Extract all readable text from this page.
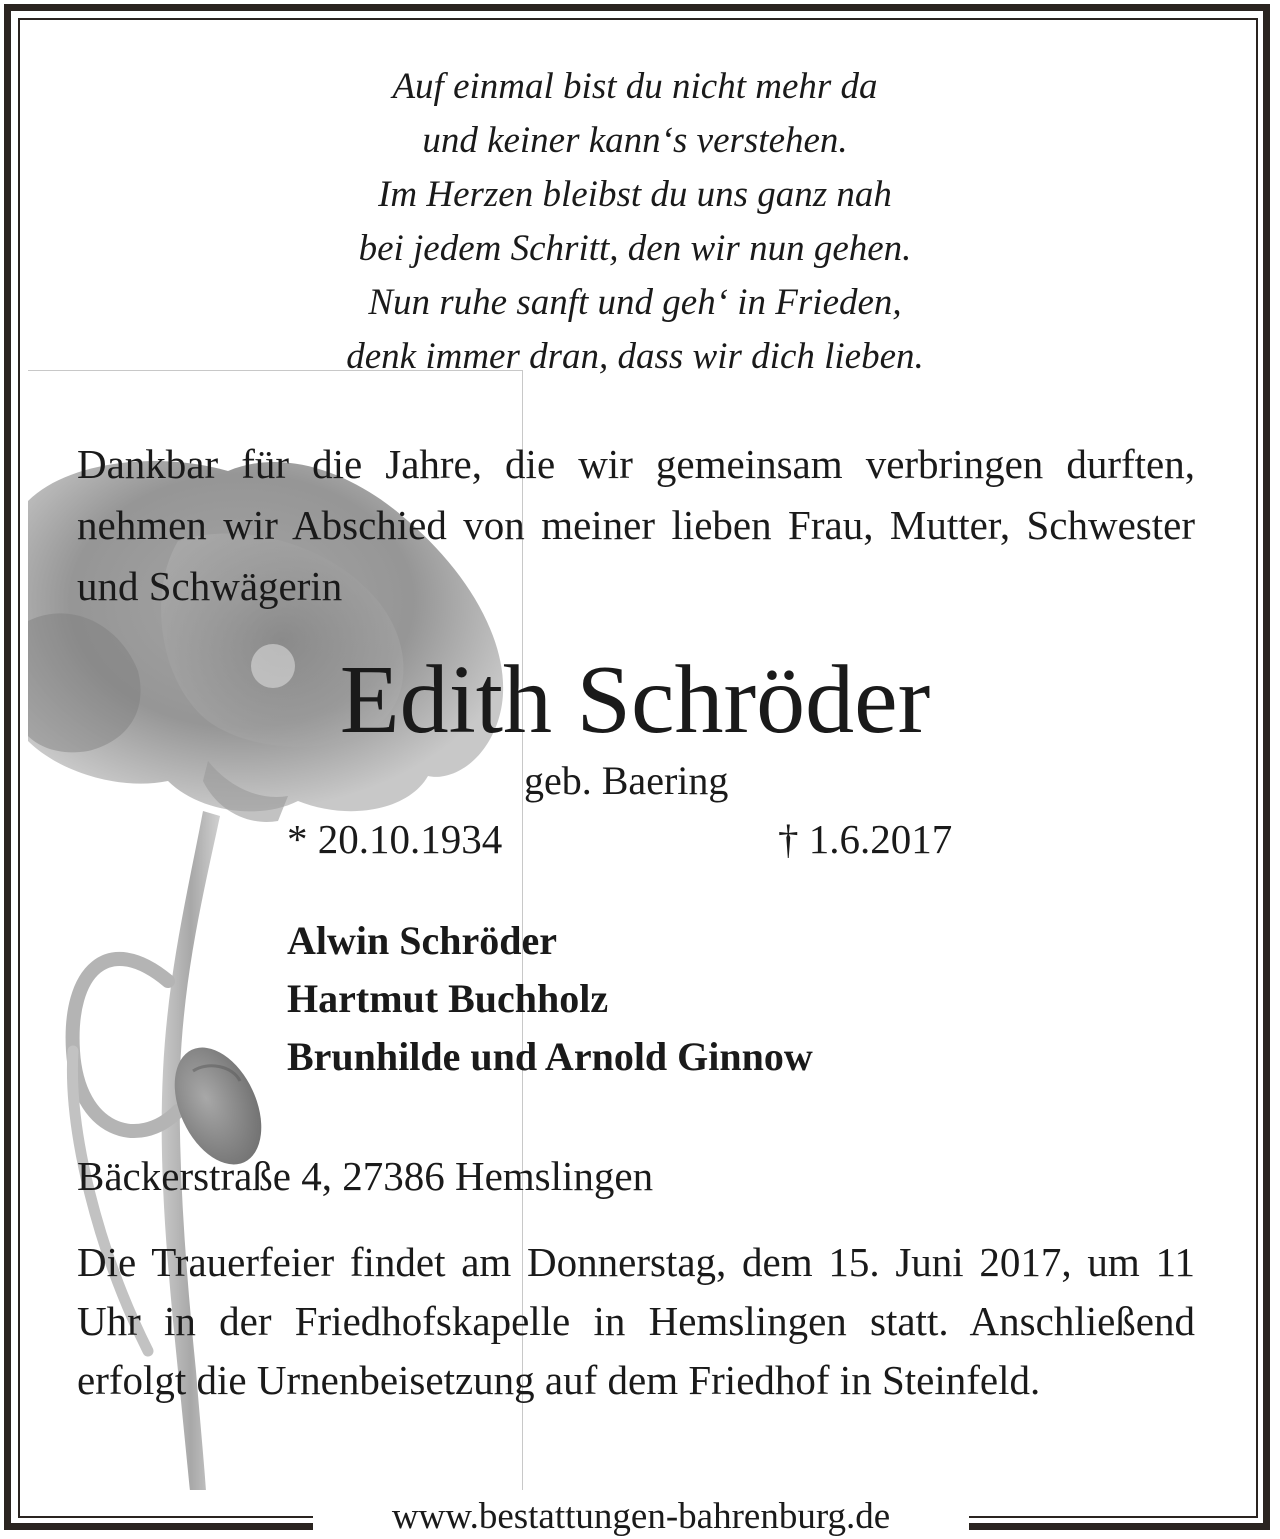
Auf einmal bist du nicht mehr da
und keiner kann‘s verstehen.
Im Herzen bleibst du uns ganz nah
bei jedem Schritt, den wir nun gehen.
Nun ruhe sanft und geh‘ in Frieden,
denk immer dran, dass wir dich lieben.
Dankbar für die Jahre, die wir gemeinsam verbringen durften, nehmen wir Abschied von meiner lieben Frau, Mutter, Schwester und Schwägerin
Edith Schröder
geb. Baering
* 20.10.1934	† 1.6.2017
Alwin Schröder
Hartmut Buchholz
Brunhilde und Arnold Ginnow
Bäckerstraße 4, 27386 Hemslingen
Die Trauerfeier findet am Donnerstag, dem 15. Juni 2017, um 11 Uhr in der Friedhofskapelle in Hemslingen statt. Anschließend erfolgt die Urnenbeisetzung auf dem Friedhof in Steinfeld.
www.bestattungen-bahrenburg.de
